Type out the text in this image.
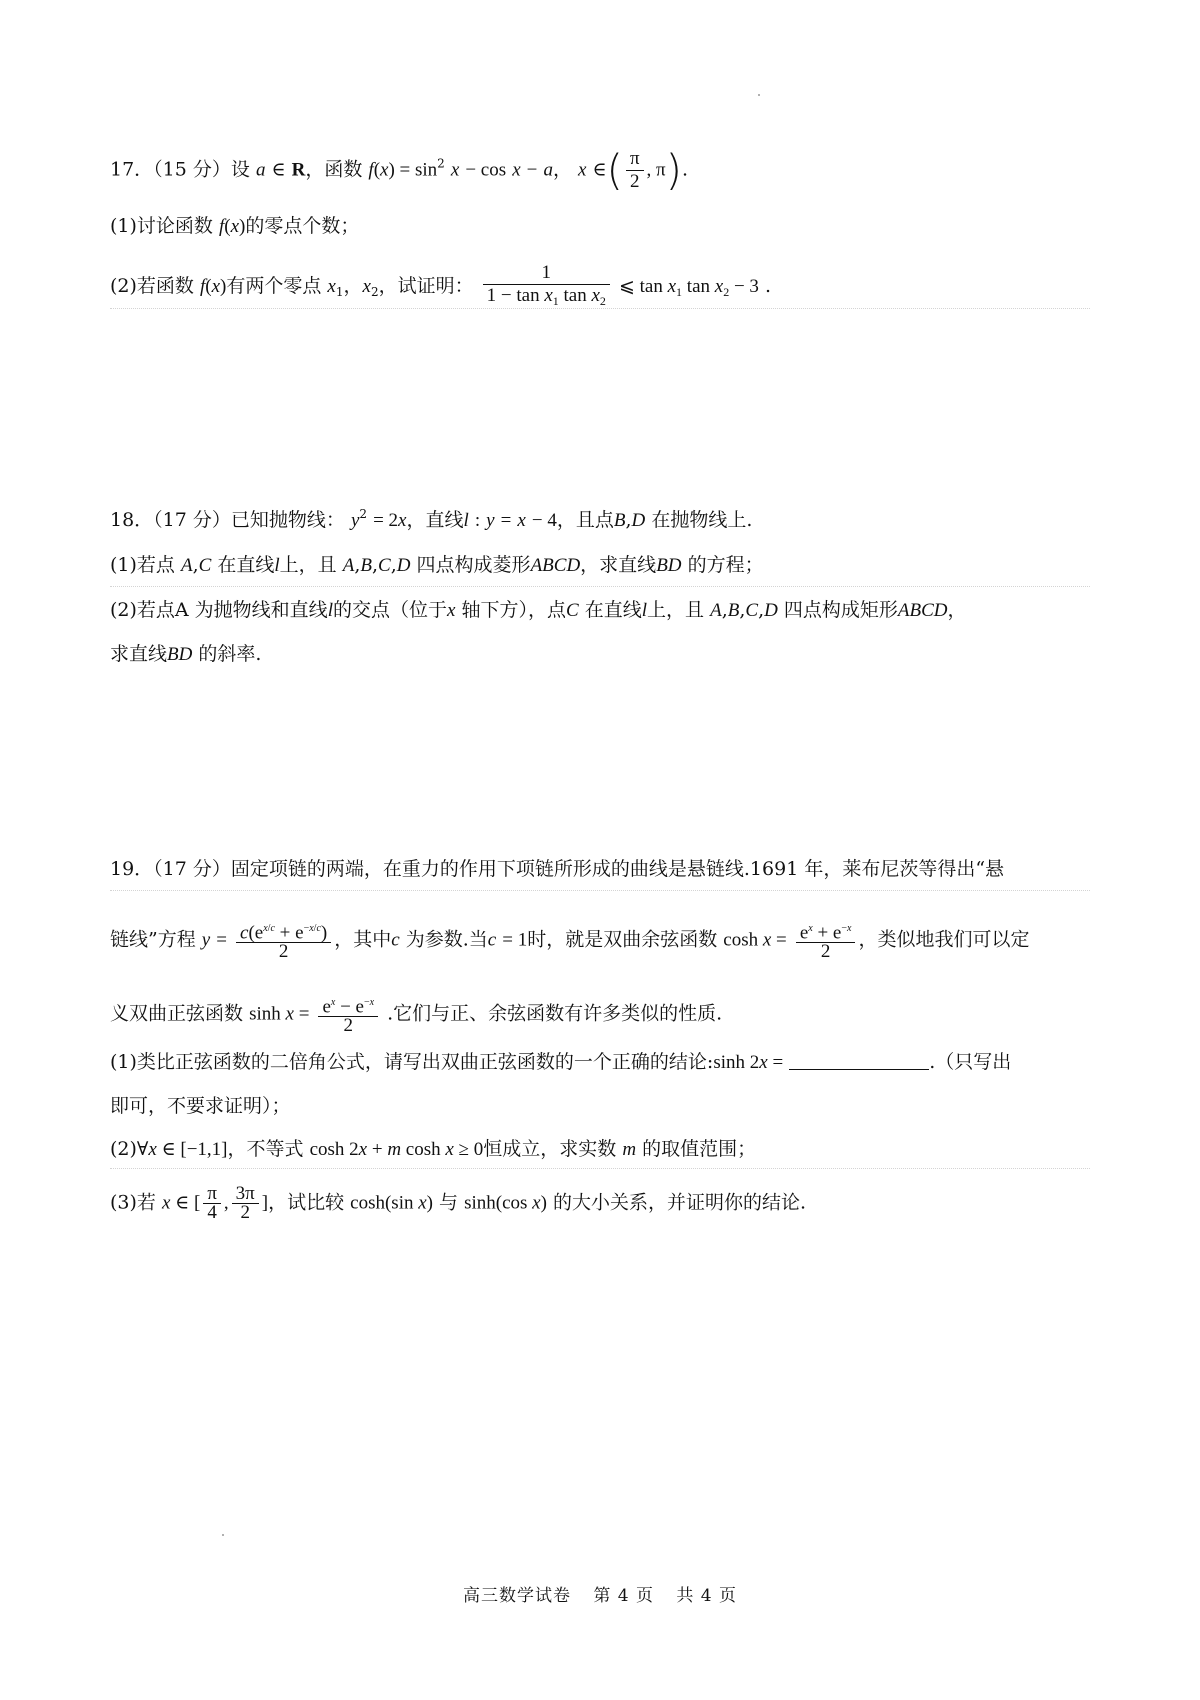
17．（15 分）设 a ∈ R，函数 $f(x) = \sin^2 x - \cos x - a$， x ∈( $\frac{\pi}{2}$ , π).
(1)讨论函数 f(x)的零点个数；
(2)若函数 f(x)有两个零点 $x_1$，$x_2$，试证明： $\frac{1}{1 - \tan x_1 \tan x_2}$ ⩽ $\tan x_1$ $\tan x_2 - 3$ .
18．（17 分）已知抛物线： $y^2 = 2x$，直线l : y = x − 4，且点B,D 在抛物线上.
(1)若点 A,C 在直线l上，且 A,B,C,D 四点构成菱形ABCD，求直线BD 的方程；
(2)若点A 为抛物线和直线l的交点（位于x 轴下方），点C 在直线l上，且 A,B,C,D 四点构成矩形ABCD，
求直线BD 的斜率.
19．（17 分）固定项链的两端，在重力的作用下项链所形成的曲线是悬链线.1691 年，莱布尼茨等得出“悬
链线”方程 $y = \frac{c(e^{x/c} + e^{-x/c})}{2}$ ，其中c 为参数.当c = 1时，就是双曲余弦函数 $\cosh x = \frac{e^x + e^{-x}}{2}$ ，类似地我们可以定
义双曲正弦函数 $\sinh x = \frac{e^x - e^{-x}}{2}$ .它们与正、余弦函数有许多类似的性质.
(1)类比正弦函数的二倍角公式，请写出双曲正弦函数的一个正确的结论:sinh 2x =	.（只写出
即可，不要求证明）；
(2)∀x ∈ [−1,1]，不等式 cosh 2x + m cosh x ≥ 0恒成立，求实数 m 的取值范围；
(3)若 x ∈ [ $\frac{\pi}{4}$ , $\frac{3\pi}{2}$ ]，试比较 cosh(sin x) 与 sinh(cos x) 的大小关系，并证明你的结论.
高三数学试卷 第 4 页 共 4 页
